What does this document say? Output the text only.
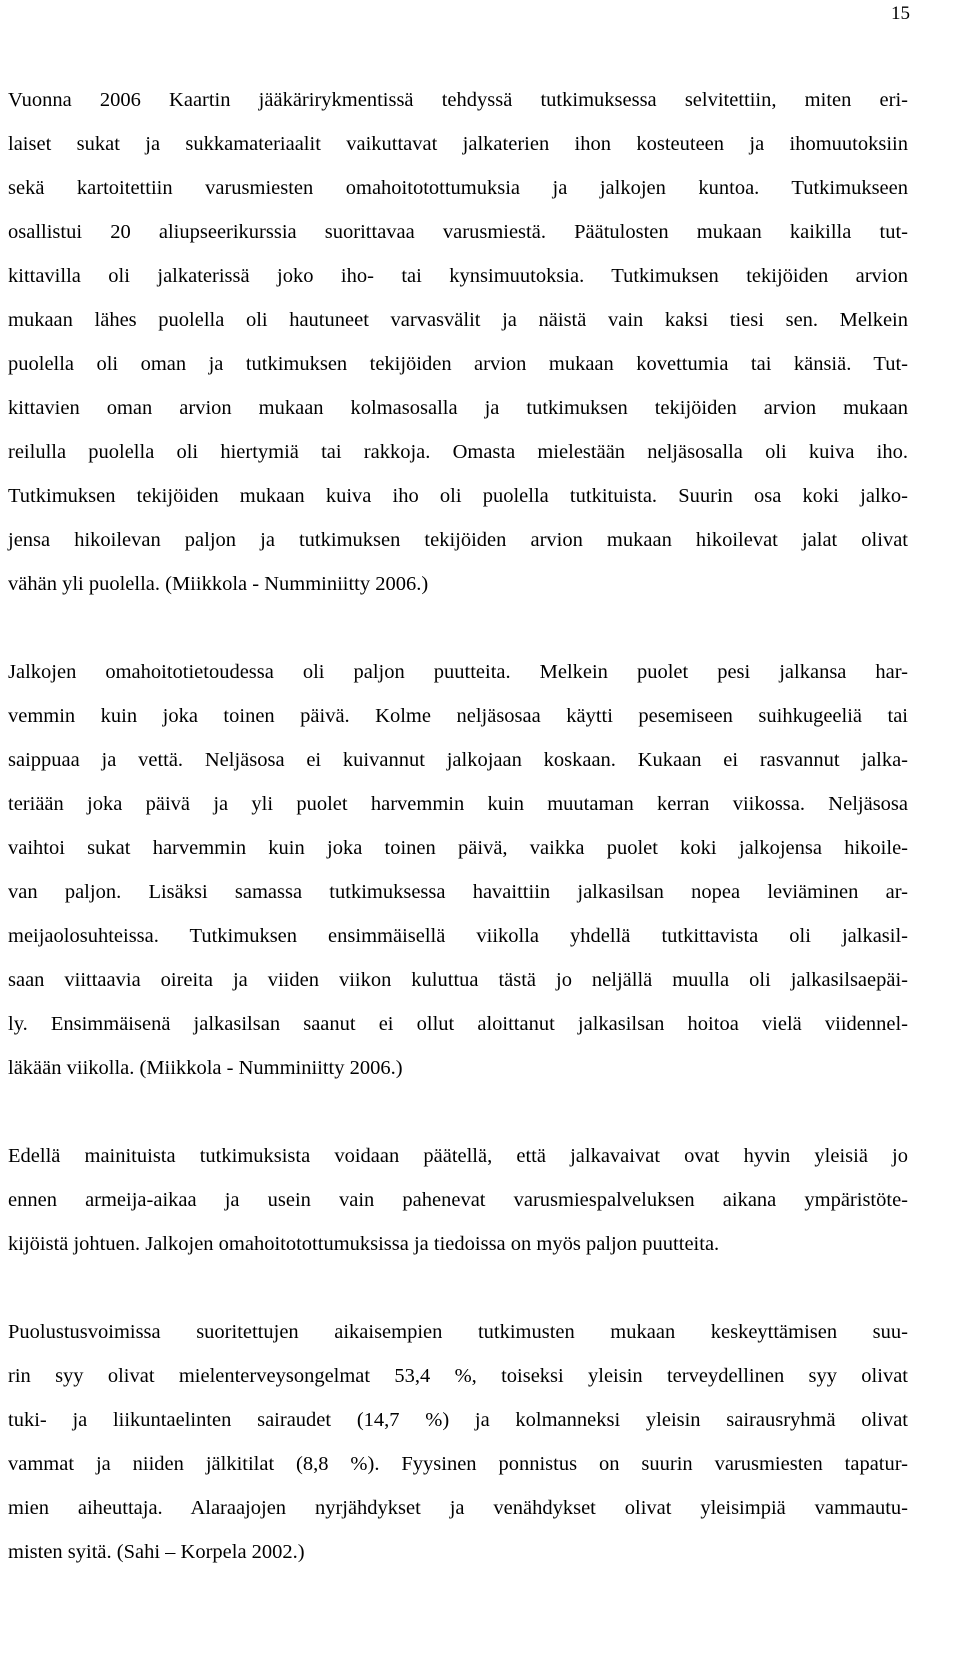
15

Vuonna 2006 Kaartin jääkärirykmentissä tehdyssä tutkimuksessa selvitettiin, miten eri-
laiset sukat ja sukkamateriaalit vaikuttavat jalkaterien ihon kosteuteen ja ihomuutoksiin
sekä kartoitettiin varusmiesten omahoitotottumuksia ja jalkojen kuntoa. Tutkimukseen
osallistui 20 aliupseerikurssia suorittavaa varusmiestä. Päätulosten mukaan kaikilla tut-
kittavilla oli jalkaterissä joko iho- tai kynsimuutoksia. Tutkimuksen tekijöiden arvion
mukaan lähes puolella oli hautuneet varvasvälit ja näistä vain kaksi tiesi sen. Melkein
puolella oli oman ja tutkimuksen tekijöiden arvion mukaan kovettumia tai känsiä. Tut-
kittavien oman arvion mukaan kolmasosalla ja tutkimuksen tekijöiden arvion mukaan
reilulla puolella oli hiertymiä tai rakkoja. Omasta mielestään neljäsosalla oli kuiva iho.
Tutkimuksen tekijöiden mukaan kuiva iho oli puolella tutkituista. Suurin osa koki jalko-
jensa hikoilevan paljon ja tutkimuksen tekijöiden arvion mukaan hikoilevat jalat olivat
vähän yli puolella. (Miikkola - Numminiitty 2006.)

Jalkojen omahoitotietoudessa oli paljon puutteita. Melkein puolet pesi jalkansa har-
vemmin kuin joka toinen päivä. Kolme neljäsosaa käytti pesemiseen suihkugeeliä tai
saippuaa ja vettä. Neljäsosa ei kuivannut jalkojaan koskaan. Kukaan ei rasvannut jalka-
teriään joka päivä ja yli puolet harvemmin kuin muutaman kerran viikossa. Neljäsosa
vaihtoi sukat harvemmin kuin joka toinen päivä, vaikka puolet koki jalkojensa hikoile-
van paljon. Lisäksi samassa tutkimuksessa havaittiin jalkasilsan nopea leviäminen ar-
meijaolosuhteissa. Tutkimuksen ensimmäisellä viikolla yhdellä tutkittavista oli jalkasil-
saan viittaavia oireita ja viiden viikon kuluttua tästä jo neljällä muulla oli jalkasilsaepäi-
ly. Ensimmäisenä jalkasilsan saanut ei ollut aloittanut jalkasilsan hoitoa vielä viidennel-
läkään viikolla. (Miikkola - Numminiitty 2006.)

Edellä mainituista tutkimuksista voidaan päätellä, että jalkavaivat ovat hyvin yleisiä jo
ennen armeija-aikaa ja usein vain pahenevat varusmiespalveluksen aikana ympäristöte-
kijöistä johtuen. Jalkojen omahoitotottumuksissa ja tiedoissa on myös paljon puutteita.

Puolustusvoimissa suoritettujen aikaisempien tutkimusten mukaan keskeyttämisen suu-
rin syy olivat mielenterveysongelmat 53,4 %, toiseksi yleisin terveydellinen syy olivat
tuki- ja liikuntaelinten sairaudet (14,7 %) ja kolmanneksi yleisin sairausryhmä olivat
vammat ja niiden jälkitilat (8,8 %). Fyysinen ponnistus on suurin varusmiesten tapatur-
mien aiheuttaja. Alaraajojen nyrjähdykset ja venähdykset olivat yleisimpiä vammautu-
misten syitä. (Sahi – Korpela 2002.)
